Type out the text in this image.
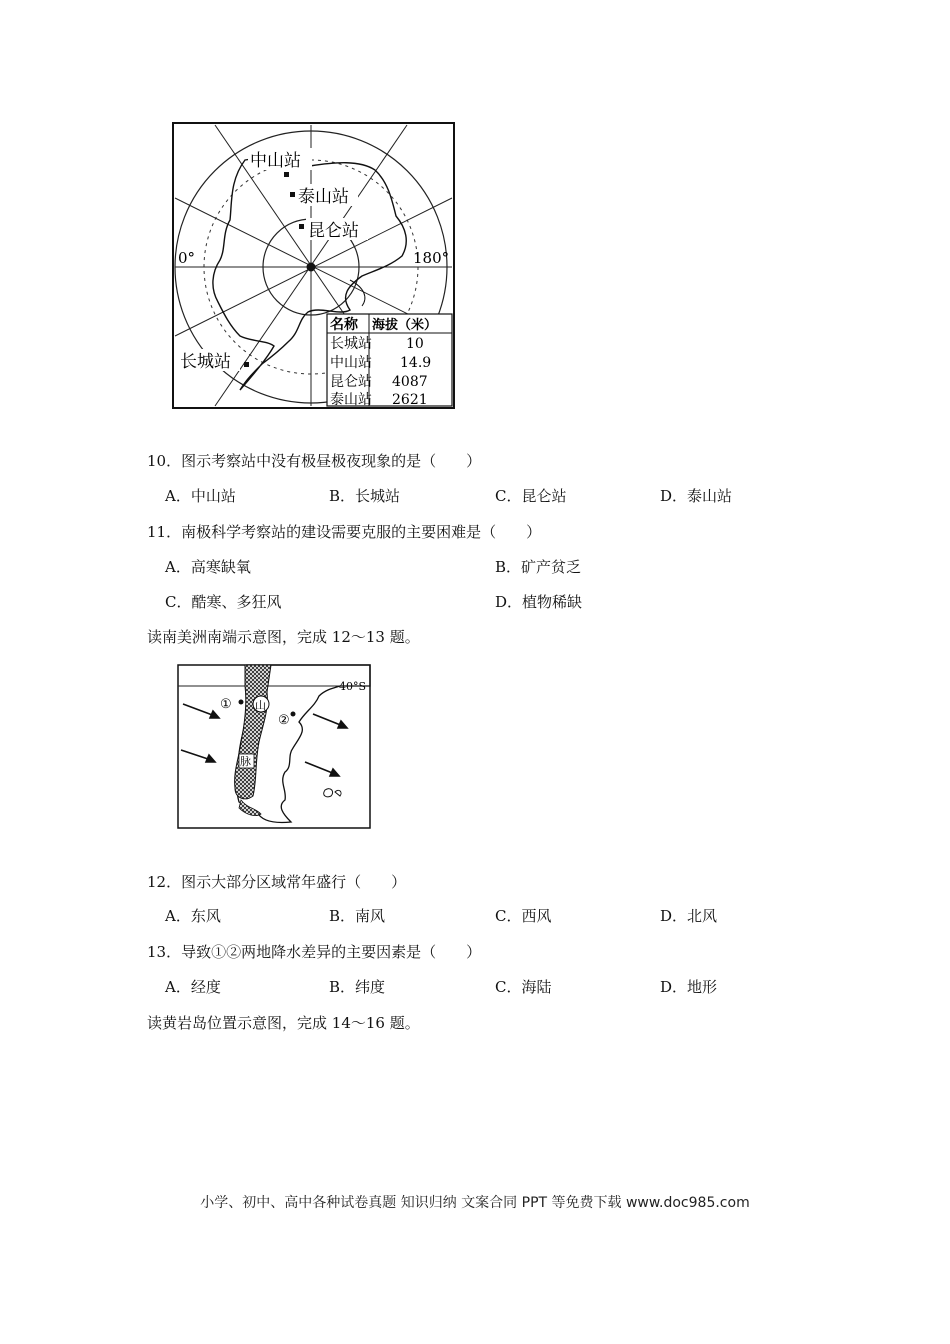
中山站
泰山站
昆仑站
长城站
0°	180°
名称 海拔（米）
长城站 10
中山站 14.9
昆仑站 4087
泰山站 2621
10．图示考察站中没有极昼极夜现象的是（　　）
A．中山站	B．长城站	C．昆仑站	D．泰山站
11．南极科学考察站的建设需要克服的主要困难是（　　）
A．高寒缺氧	B．矿产贫乏
C．酷寒、多狂风	D．植物稀缺
读南美洲南端示意图，完成 12～13 题。
40°S
山
脉
①
②
12．图示大部分区域常年盛行（　　）
A．东风	B．南风	C．西风	D．北风
13．导致①②两地降水差异的主要因素是（　　）
A．经度	B．纬度	C．海陆	D．地形
读黄岩岛位置示意图，完成 14～16 题。
小学、初中、高中各种试卷真题 知识归纳 文案合同 PPT 等免费下载 www.doc985.com
